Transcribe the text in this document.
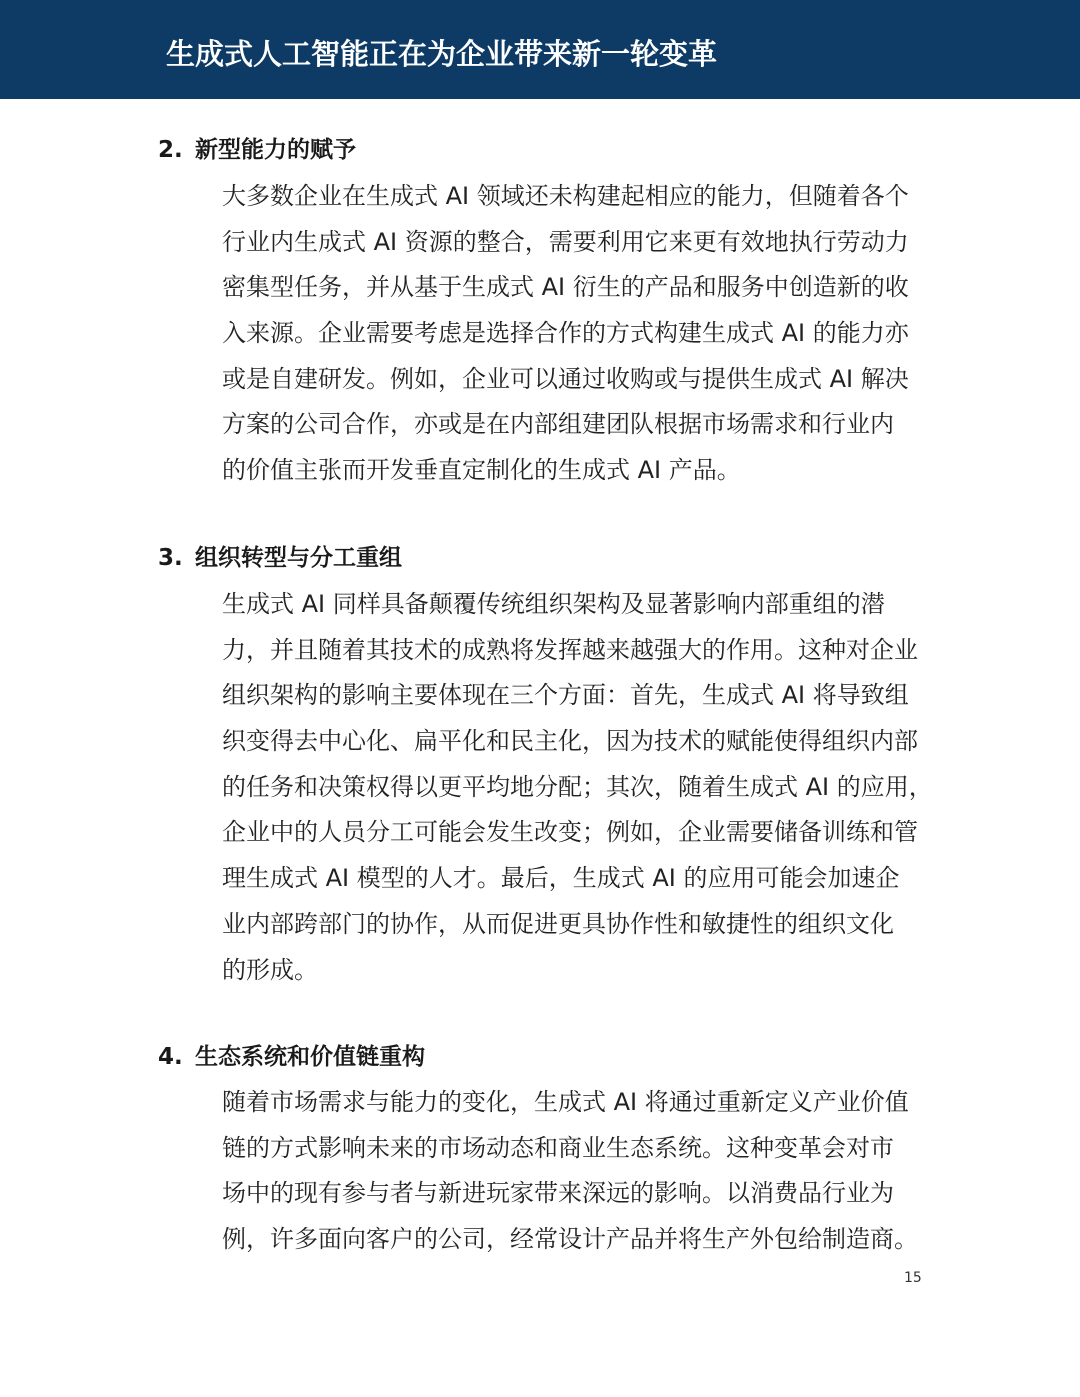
生成式人工智能正在为企业带来新一轮变革
2. 新型能力的赋予
大多数企业在生成式 AI 领域还未构建起相应的能力，但随着各个
行业内生成式 AI 资源的整合，需要利用它来更有效地执行劳动力
密集型任务，并从基于生成式 AI 衍生的产品和服务中创造新的收
入来源。企业需要考虑是选择合作的方式构建生成式 AI 的能力亦
或是自建研发。例如，企业可以通过收购或与提供生成式 AI 解决
方案的公司合作，亦或是在内部组建团队根据市场需求和行业内
的价值主张而开发垂直定制化的生成式 AI 产品。
3. 组织转型与分工重组
生成式 AI 同样具备颠覆传统组织架构及显著影响内部重组的潜
力，并且随着其技术的成熟将发挥越来越强大的作用。这种对企业
组织架构的影响主要体现在三个方面：首先，生成式 AI 将导致组
织变得去中心化、扁平化和民主化，因为技术的赋能使得组织内部
的任务和决策权得以更平均地分配；其次，随着生成式 AI 的应用，
企业中的人员分工可能会发生改变；例如，企业需要储备训练和管
理生成式 AI 模型的人才。最后，生成式 AI 的应用可能会加速企
业内部跨部门的协作，从而促进更具协作性和敏捷性的组织文化
的形成。
4. 生态系统和价值链重构
随着市场需求与能力的变化，生成式 AI 将通过重新定义产业价值
链的方式影响未来的市场动态和商业生态系统。这种变革会对市
场中的现有参与者与新进玩家带来深远的影响。以消费品行业为
例，许多面向客户的公司，经常设计产品并将生产外包给制造商。
15
